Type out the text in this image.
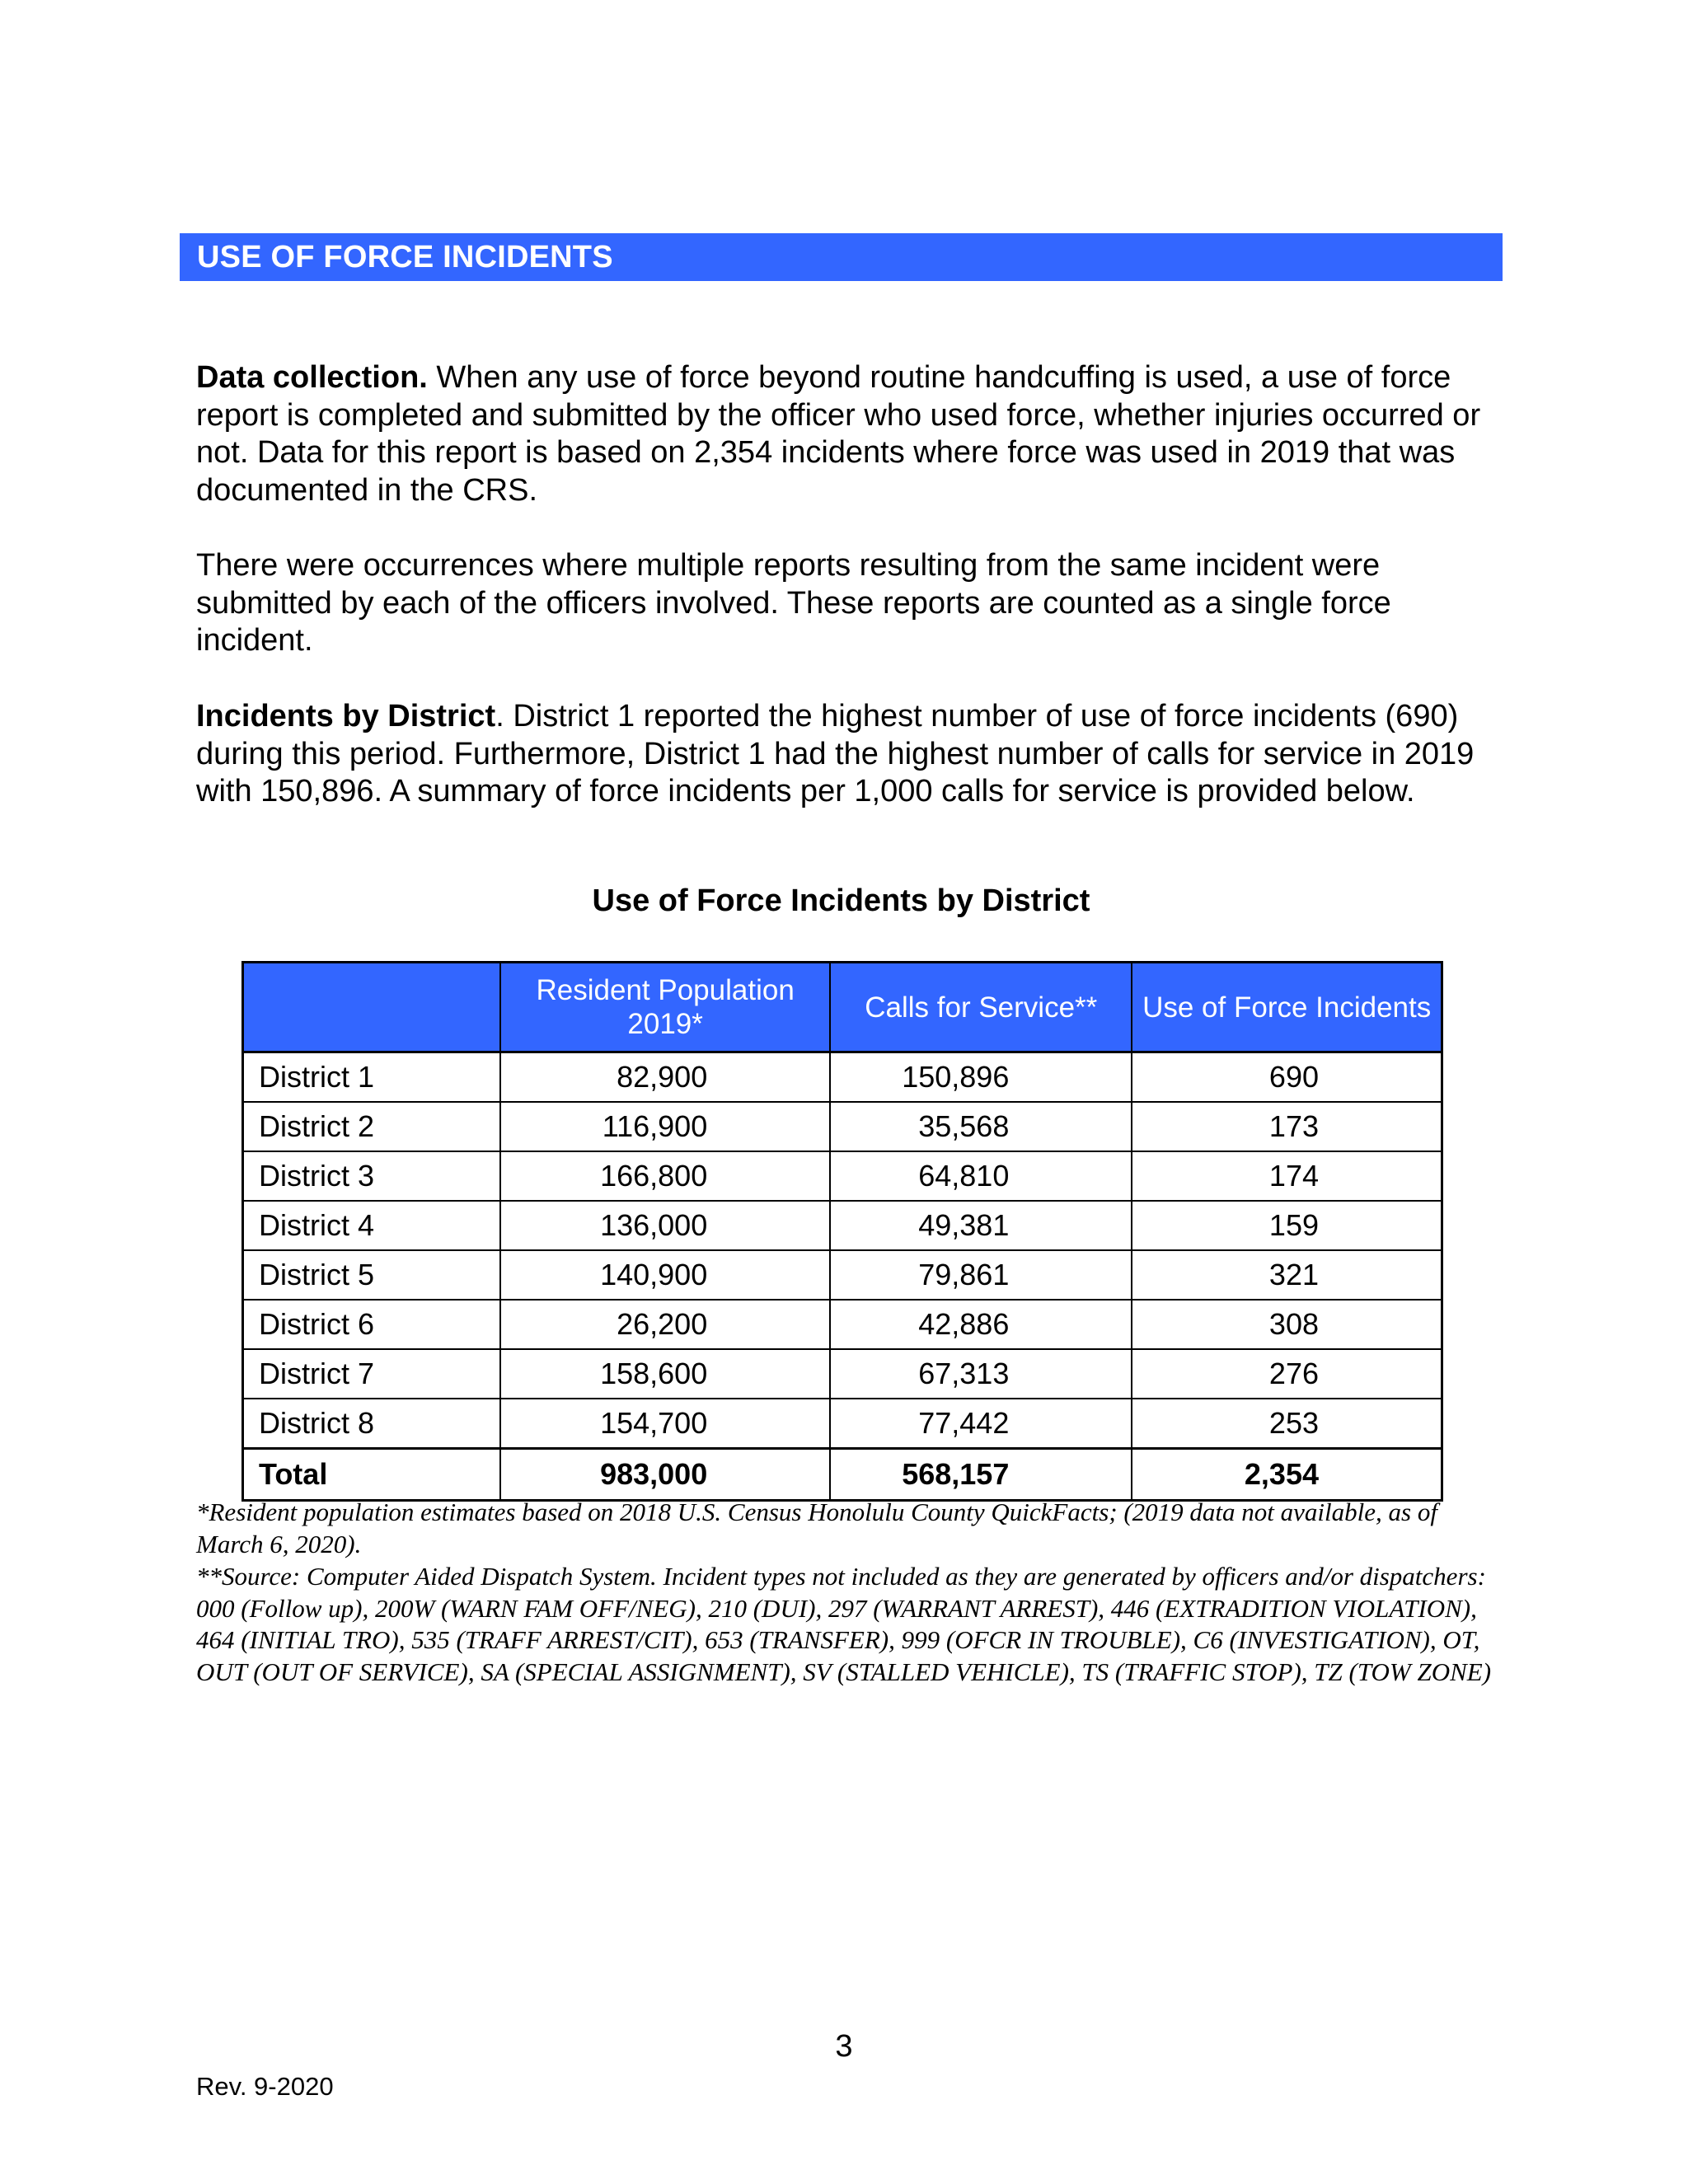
USE OF FORCE INCIDENTS

Data collection. When any use of force beyond routine handcuffing is used, a use of force report is completed and submitted by the officer who used force, whether injuries occurred or not. Data for this report is based on 2,354 incidents where force was used in 2019 that was documented in the CRS.

There were occurrences where multiple reports resulting from the same incident were submitted by each of the officers involved. These reports are counted as a single force incident.

Incidents by District. District 1 reported the highest number of use of force incidents (690) during this period. Furthermore, District 1 had the highest number of calls for service in 2019 with 150,896. A summary of force incidents per 1,000 calls for service is provided below.

Use of Force Incidents by District
	Resident Population 2019*	Calls for Service**	Use of Force Incidents
District 1	82,900	150,896	690
District 2	116,900	35,568	173
District 3	166,800	64,810	174
District 4	136,000	49,381	159
District 5	140,900	79,861	321
District 6	26,200	42,886	308
District 7	158,600	67,313	276
District 8	154,700	77,442	253
Total	983,000	568,157	2,354

*Resident population estimates based on 2018 U.S. Census Honolulu County QuickFacts; (2019 data not available, as of March 6, 2020).

**Source: Computer Aided Dispatch System. Incident types not included as they are generated by officers and/or dispatchers: 000 (Follow up), 200W (WARN FAM OFF/NEG), 210 (DUI), 297 (WARRANT ARREST), 446 (EXTRADITION VIOLATION), 464 (INITIAL TRO), 535 (TRAFF ARREST/CIT), 653 (TRANSFER), 999 (OFCR IN TROUBLE), C6 (INVESTIGATION), OT, OUT (OUT OF SERVICE), SA (SPECIAL ASSIGNMENT), SV (STALLED VEHICLE), TS (TRAFFIC STOP), TZ (TOW ZONE)

3
Rev. 9-2020
